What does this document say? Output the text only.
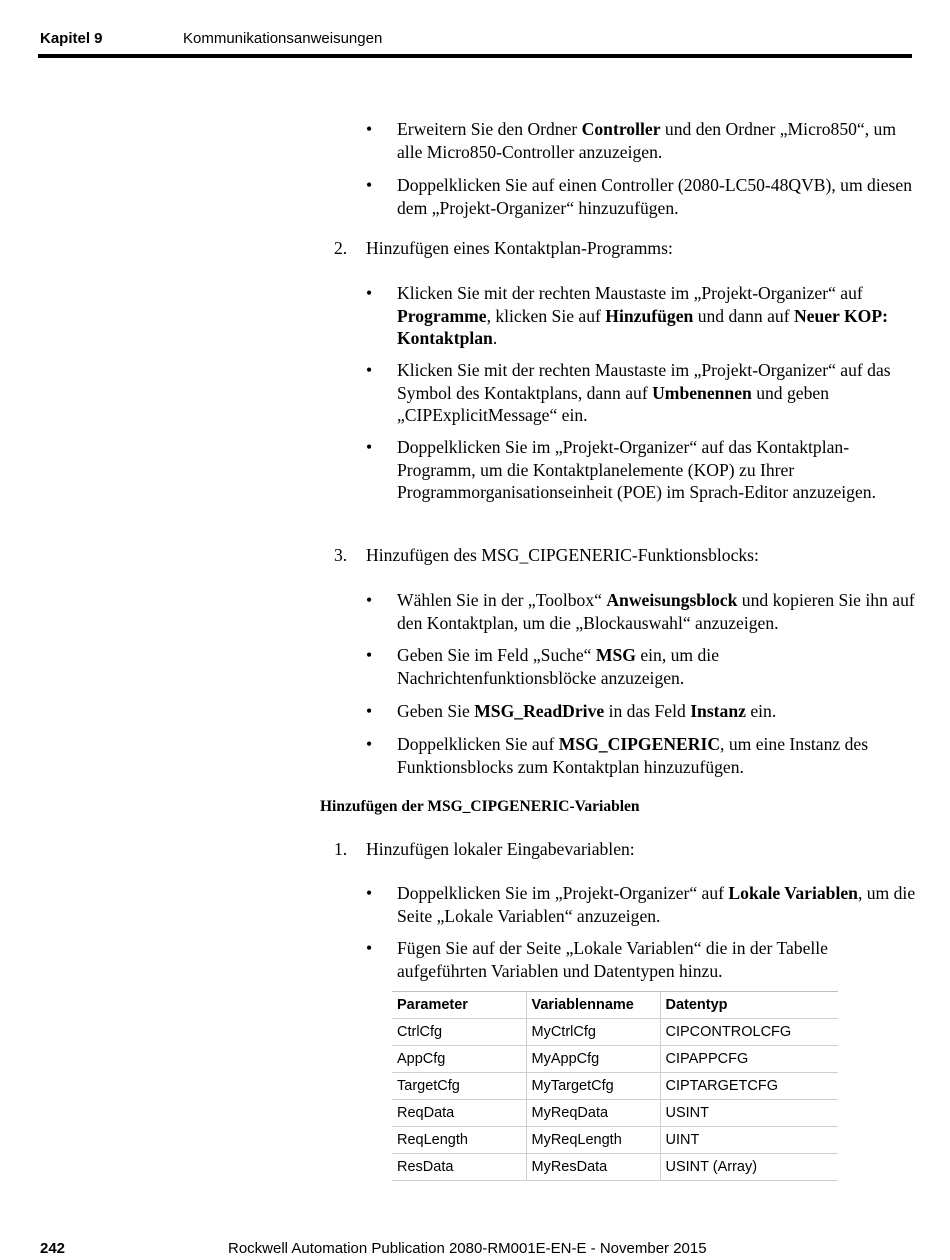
Kapitel 9	Kommunikationsanweisungen
• Erweitern Sie den Ordner Controller und den Ordner „Micro850“, um alle Micro850-Controller anzuzeigen.
• Doppelklicken Sie auf einen Controller (2080-LC50-48QVB), um diesen dem „Projekt-Organizer“ hinzuzufügen.
2. Hinzufügen eines Kontaktplan-Programms:
• Klicken Sie mit der rechten Maustaste im „Projekt-Organizer“ auf Programme, klicken Sie auf Hinzufügen und dann auf Neuer KOP: Kontaktplan.
• Klicken Sie mit der rechten Maustaste im „Projekt-Organizer“ auf das Symbol des Kontaktplans, dann auf Umbenennen und geben „CIPExplicitMessage“ ein.
• Doppelklicken Sie im „Projekt-Organizer“ auf das Kontaktplan-Programm, um die Kontaktplanelemente (KOP) zu Ihrer Programmorganisationseinheit (POE) im Sprach-Editor anzuzeigen.
3. Hinzufügen des MSG_CIPGENERIC-Funktionsblocks:
• Wählen Sie in der „Toolbox“ Anweisungsblock und kopieren Sie ihn auf den Kontaktplan, um die „Blockauswahl“ anzuzeigen.
• Geben Sie im Feld „Suche“ MSG ein, um die Nachrichtenfunktionsblöcke anzuzeigen.
• Geben Sie MSG_ReadDrive in das Feld Instanz ein.
• Doppelklicken Sie auf MSG_CIPGENERIC, um eine Instanz des Funktionsblocks zum Kontaktplan hinzuzufügen.
Hinzufügen der MSG_CIPGENERIC-Variablen
1. Hinzufügen lokaler Eingabevariablen:
• Doppelklicken Sie im „Projekt-Organizer“ auf Lokale Variablen, um die Seite „Lokale Variablen“ anzuzeigen.
• Fügen Sie auf der Seite „Lokale Variablen“ die in der Tabelle aufgeführten Variablen und Datentypen hinzu.
Parameter	Variablenname	Datentyp
CtrlCfg	MyCtrlCfg	CIPCONTROLCFG
AppCfg	MyAppCfg	CIPAPPCFG
TargetCfg	MyTargetCfg	CIPTARGETCFG
ReqData	MyReqData	USINT
ReqLength	MyReqLength	UINT
ResData	MyResData	USINT (Array)
242	Rockwell Automation Publication 2080-RM001E-EN-E - November 2015
